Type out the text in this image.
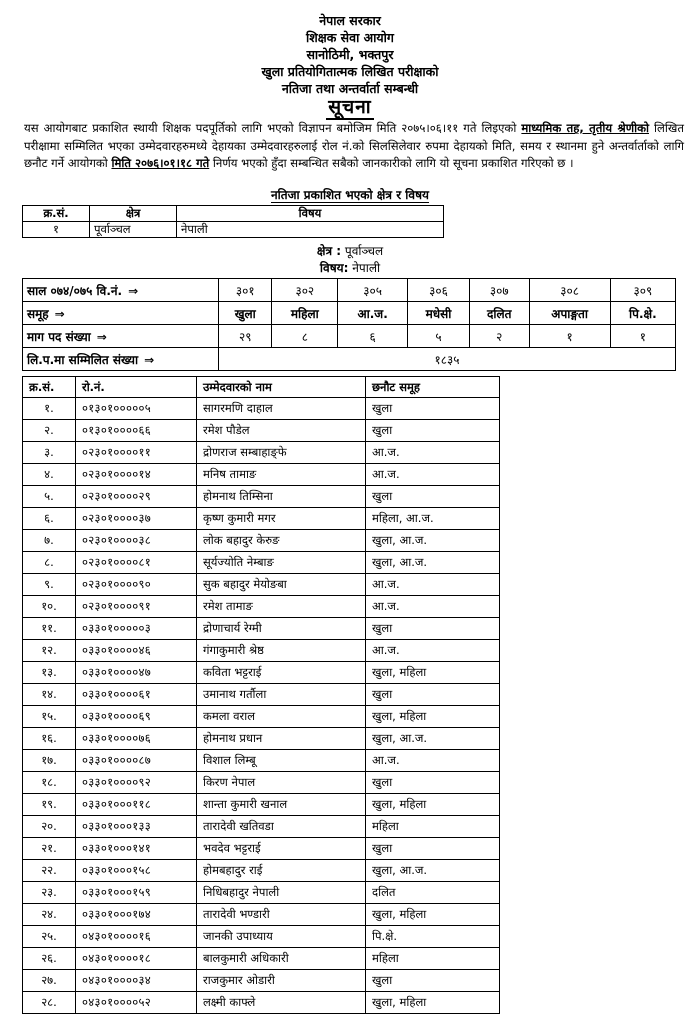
नेपाल सरकार
शिक्षक सेवा आयोग
सानोठिमी, भक्तपुर
खुला प्रतियोगितात्मक लिखित परीक्षाको
नतिजा तथा अन्तर्वार्ता सम्बन्धी
सूचना
यस आयोगबाट प्रकाशित स्थायी शिक्षक पदपूर्तिको लागि भएको विज्ञापन बमोजिम मिति २०७५।०६।११ गते लिइएको माध्यमिक तह, तृतीय श्रेणीको लिखित परीक्षामा सम्मिलित भएका उम्मेदवारहरुमध्ये देहायका उम्मेदवारहरुलाई रोल नं.को सिलसिलेवार रुपमा देहायको मिति, समय र स्थानमा हुने अन्तर्वार्ताको लागि छनौट गर्ने आयोगको मिति २०७६।०१।१८ गते निर्णय भएको हुँदा सम्बन्धित सबैको जानकारीको लागि यो सूचना प्रकाशित गरिएको छ ।
नतिजा प्रकाशित भएको क्षेत्र र विषय
क्र.सं.	क्षेत्र	विषय
१	पूर्वाञ्चल	नेपाली
क्षेत्र : पूर्वाञ्चल
विषय: नेपाली
साल ०७४/०७५ वि.नं. ⇒	३०१	३०२	३०५	३०६	३०७	३०८	३०९
समूह ⇒	खुला	महिला	आ.ज.	मधेसी	दलित	अपाङ्गता	पि.क्षे.
माग पद संख्या ⇒	२९	८	६	५	२	१	१
लि.प.मा सम्मिलित संख्या ⇒	१८३५						
क्र.सं.	रो.नं.	उम्मेदवारको नाम	छनौट समूह
१.	०१३०१०००००५	सागरमणि दाहाल	खुला
२.	०१३०१००००६६	रमेश पौडेल	खुला
३.	०२३०१००००११	द्रोणराज सम्बाहाङ्फे	आ.ज.
४.	०२३०१००००१४	मनिष तामाङ	आ.ज.
५.	०२३०१००००२९	होमनाथ तिम्सिना	खुला
६.	०२३०१००००३७	कृष्ण कुमारी मगर	महिला, आ.ज.
७.	०२३०१००००३८	लोक बहादुर केरुङ	खुला, आ.ज.
८.	०२३०१००००८१	सूर्यज्योति नेम्बाङ	खुला, आ.ज.
९.	०२३०१००००९०	सुक बहादुर मेयोङबा	आ.ज.
१०.	०२३०१००००९१	रमेश तामाङ	आ.ज.
११.	०३३०१०००००३	द्रोणाचार्य रेग्मी	खुला
१२.	०३३०१००००४६	गंगाकुमारी श्रेष्ठ	आ.ज.
१३.	०३३०१००००४७	कविता भट्टराई	खुला, महिला
१४.	०३३०१००००६१	उमानाथ गर्तौला	खुला
१५.	०३३०१००००६९	कमला वराल	खुला, महिला
१६.	०३३०१००००७६	होमनाथ प्रधान	खुला, आ.ज.
१७.	०३३०१००००८७	विशाल लिम्बू	आ.ज.
१८.	०३३०१००००९२	किरण नेपाल	खुला
१९.	०३३०१०००११८	शान्ता कुमारी खनाल	खुला, महिला
२०.	०३३०१०००१३३	तारादेवी खतिवडा	महिला
२१.	०३३०१०००१४१	भवदेव भट्टराई	खुला
२२.	०३३०१०००१५८	होमबहादुर राई	खुला, आ.ज.
२३.	०३३०१०००१५९	निधिबहादुर नेपाली	दलित
२४.	०३३०१०००१७४	तारादेवी भण्डारी	खुला, महिला
२५.	०४३०१००००१६	जानकी उपाध्याय	पि.क्षे.
२६.	०४३०१००००१८	बालकुमारी अधिकारी	महिला
२७.	०४३०१००००३४	राजकुमार ओडारी	खुला
२८.	०४३०१००००५२	लक्ष्मी काफ्ले	खुला, महिला
